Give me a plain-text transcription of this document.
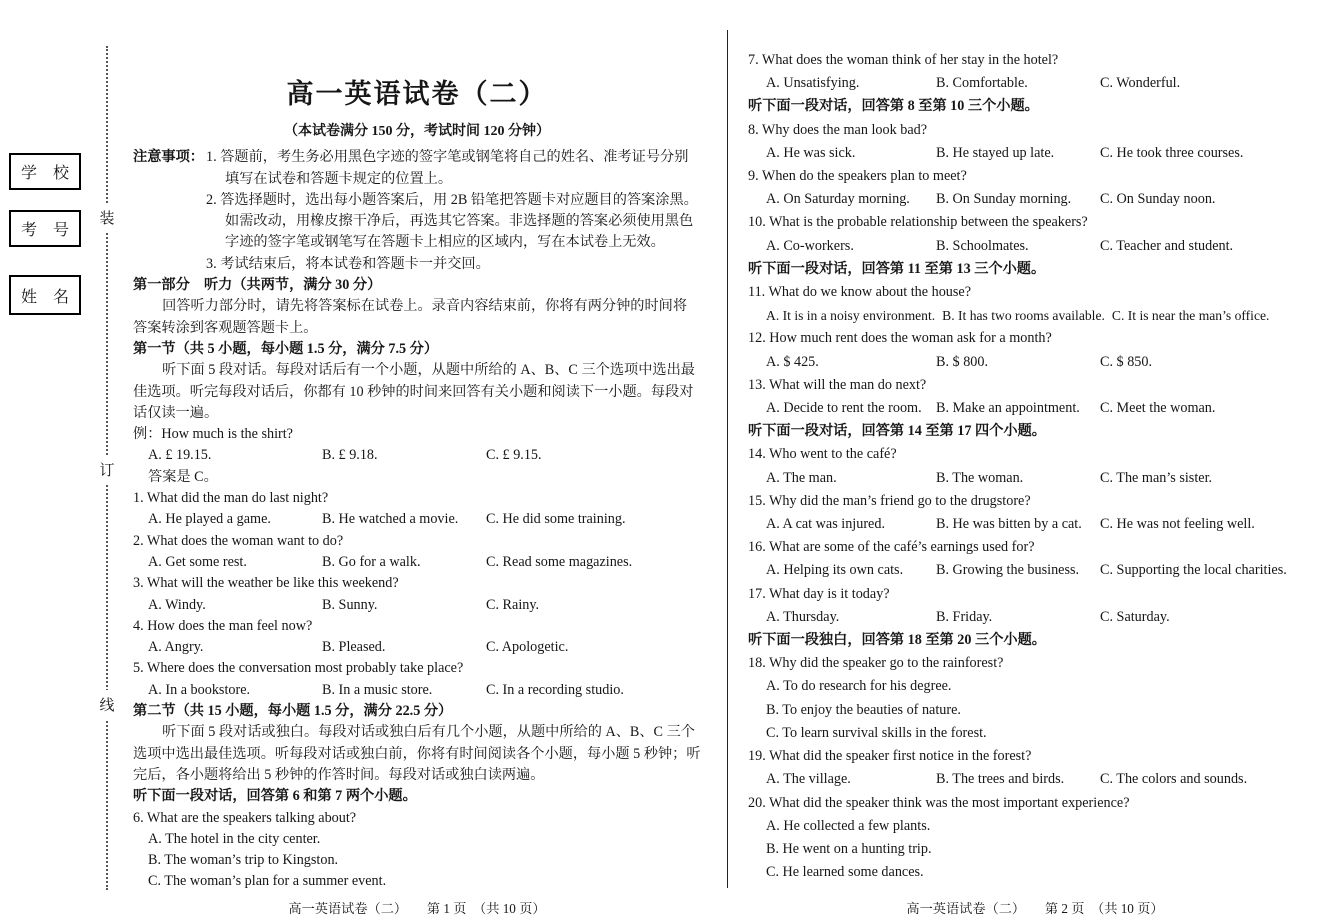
学　校
考　号
姓　名
装
订
线
高一英语试卷（二）
（本试卷满分 150 分，考试时间 120 分钟）
注意事项： 1. 答题前，考生务必用黑色字迹的签字笔或钢笔将自己的姓名、准考证号分别填写在试卷和答题卡规定的位置上。
2. 答选择题时，选出每小题答案后，用 2B 铅笔把答题卡对应题目的答案涂黑。如需改动，用橡皮擦干净后，再选其它答案。非选择题的答案必须使用黑色字迹的签字笔或钢笔写在答题卡上相应的区域内，写在本试卷上无效。
3. 考试结束后，将本试卷和答题卡一并交回。
第一部分　听力（共两节，满分 30 分）
回答听力部分时，请先将答案标在试卷上。录音内容结束前，你将有两分钟的时间将答案转涂到客观题答题卡上。
第一节（共 5 小题，每小题 1.5 分，满分 7.5 分）
听下面 5 段对话。每段对话后有一个小题，从题中所给的 A、B、C 三个选项中选出最佳选项。听完每段对话后，你都有 10 秒钟的时间来回答有关小题和阅读下一小题。每段对话仅读一遍。
例：How much is the shirt?
A. £ 19.15.	B. £ 9.18.	C. £ 9.15.
答案是 C。
1. What did the man do last night?
A. He played a game.	B. He watched a movie.	C. He did some training.
2. What does the woman want to do?
A. Get some rest.	B. Go for a walk.	C. Read some magazines.
3. What will the weather be like this weekend?
A. Windy.	B. Sunny.	C. Rainy.
4. How does the man feel now?
A. Angry.	B. Pleased.	C. Apologetic.
5. Where does the conversation most probably take place?
A. In a bookstore.	B. In a music store.	C. In a recording studio.
第二节（共 15 小题，每小题 1.5 分，满分 22.5 分）
听下面 5 段对话或独白。每段对话或独白后有几个小题，从题中所给的 A、B、C 三个选项中选出最佳选项。听每段对话或独白前，你将有时间阅读各个小题，每小题 5 秒钟；听完后，各小题将给出 5 秒钟的作答时间。每段对话或独白读两遍。
听下面一段对话，回答第 6 和第 7 两个小题。
6. What are the speakers talking about?
A. The hotel in the city center.
B. The woman’s trip to Kingston.
C. The woman’s plan for a summer event.
7. What does the woman think of her stay in the hotel?
A. Unsatisfying.	B. Comfortable.	C. Wonderful.
听下面一段对话，回答第 8 至第 10 三个小题。
8. Why does the man look bad?
A. He was sick.	B. He stayed up late.	C. He took three courses.
9. When do the speakers plan to meet?
A. On Saturday morning.	B. On Sunday morning.	C. On Sunday noon.
10. What is the probable relationship between the speakers?
A. Co-workers.	B. Schoolmates.	C. Teacher and student.
听下面一段对话，回答第 11 至第 13 三个小题。
11. What do we know about the house?
A. It is in a noisy environment. B. It has two rooms available. C. It is near the man’s office.
12. How much rent does the woman ask for a month?
A. $ 425.	B. $ 800.	C. $ 850.
13. What will the man do next?
A. Decide to rent the room.	B. Make an appointment.	C. Meet the woman.
听下面一段对话，回答第 14 至第 17 四个小题。
14. Who went to the café?
A. The man.	B. The woman.	C. The man’s sister.
15. Why did the man’s friend go to the drugstore?
A. A cat was injured.	B. He was bitten by a cat.	C. He was not feeling well.
16. What are some of the café’s earnings used for?
A. Helping its own cats.	B. Growing the business.	C. Supporting the local charities.
17. What day is it today?
A. Thursday.	B. Friday.	C. Saturday.
听下面一段独白，回答第 18 至第 20 三个小题。
18. Why did the speaker go to the rainforest?
A. To do research for his degree.
B. To enjoy the beauties of nature.
C. To learn survival skills in the forest.
19. What did the speaker first notice in the forest?
A. The village.	B. The trees and birds.	C. The colors and sounds.
20. What did the speaker think was the most important experience?
A. He collected a few plants.
B. He went on a hunting trip.
C. He learned some dances.
高一英语试卷（二）　　第 1 页　（共 10 页）	高一英语试卷（二）　　第 2 页　（共 10 页）
